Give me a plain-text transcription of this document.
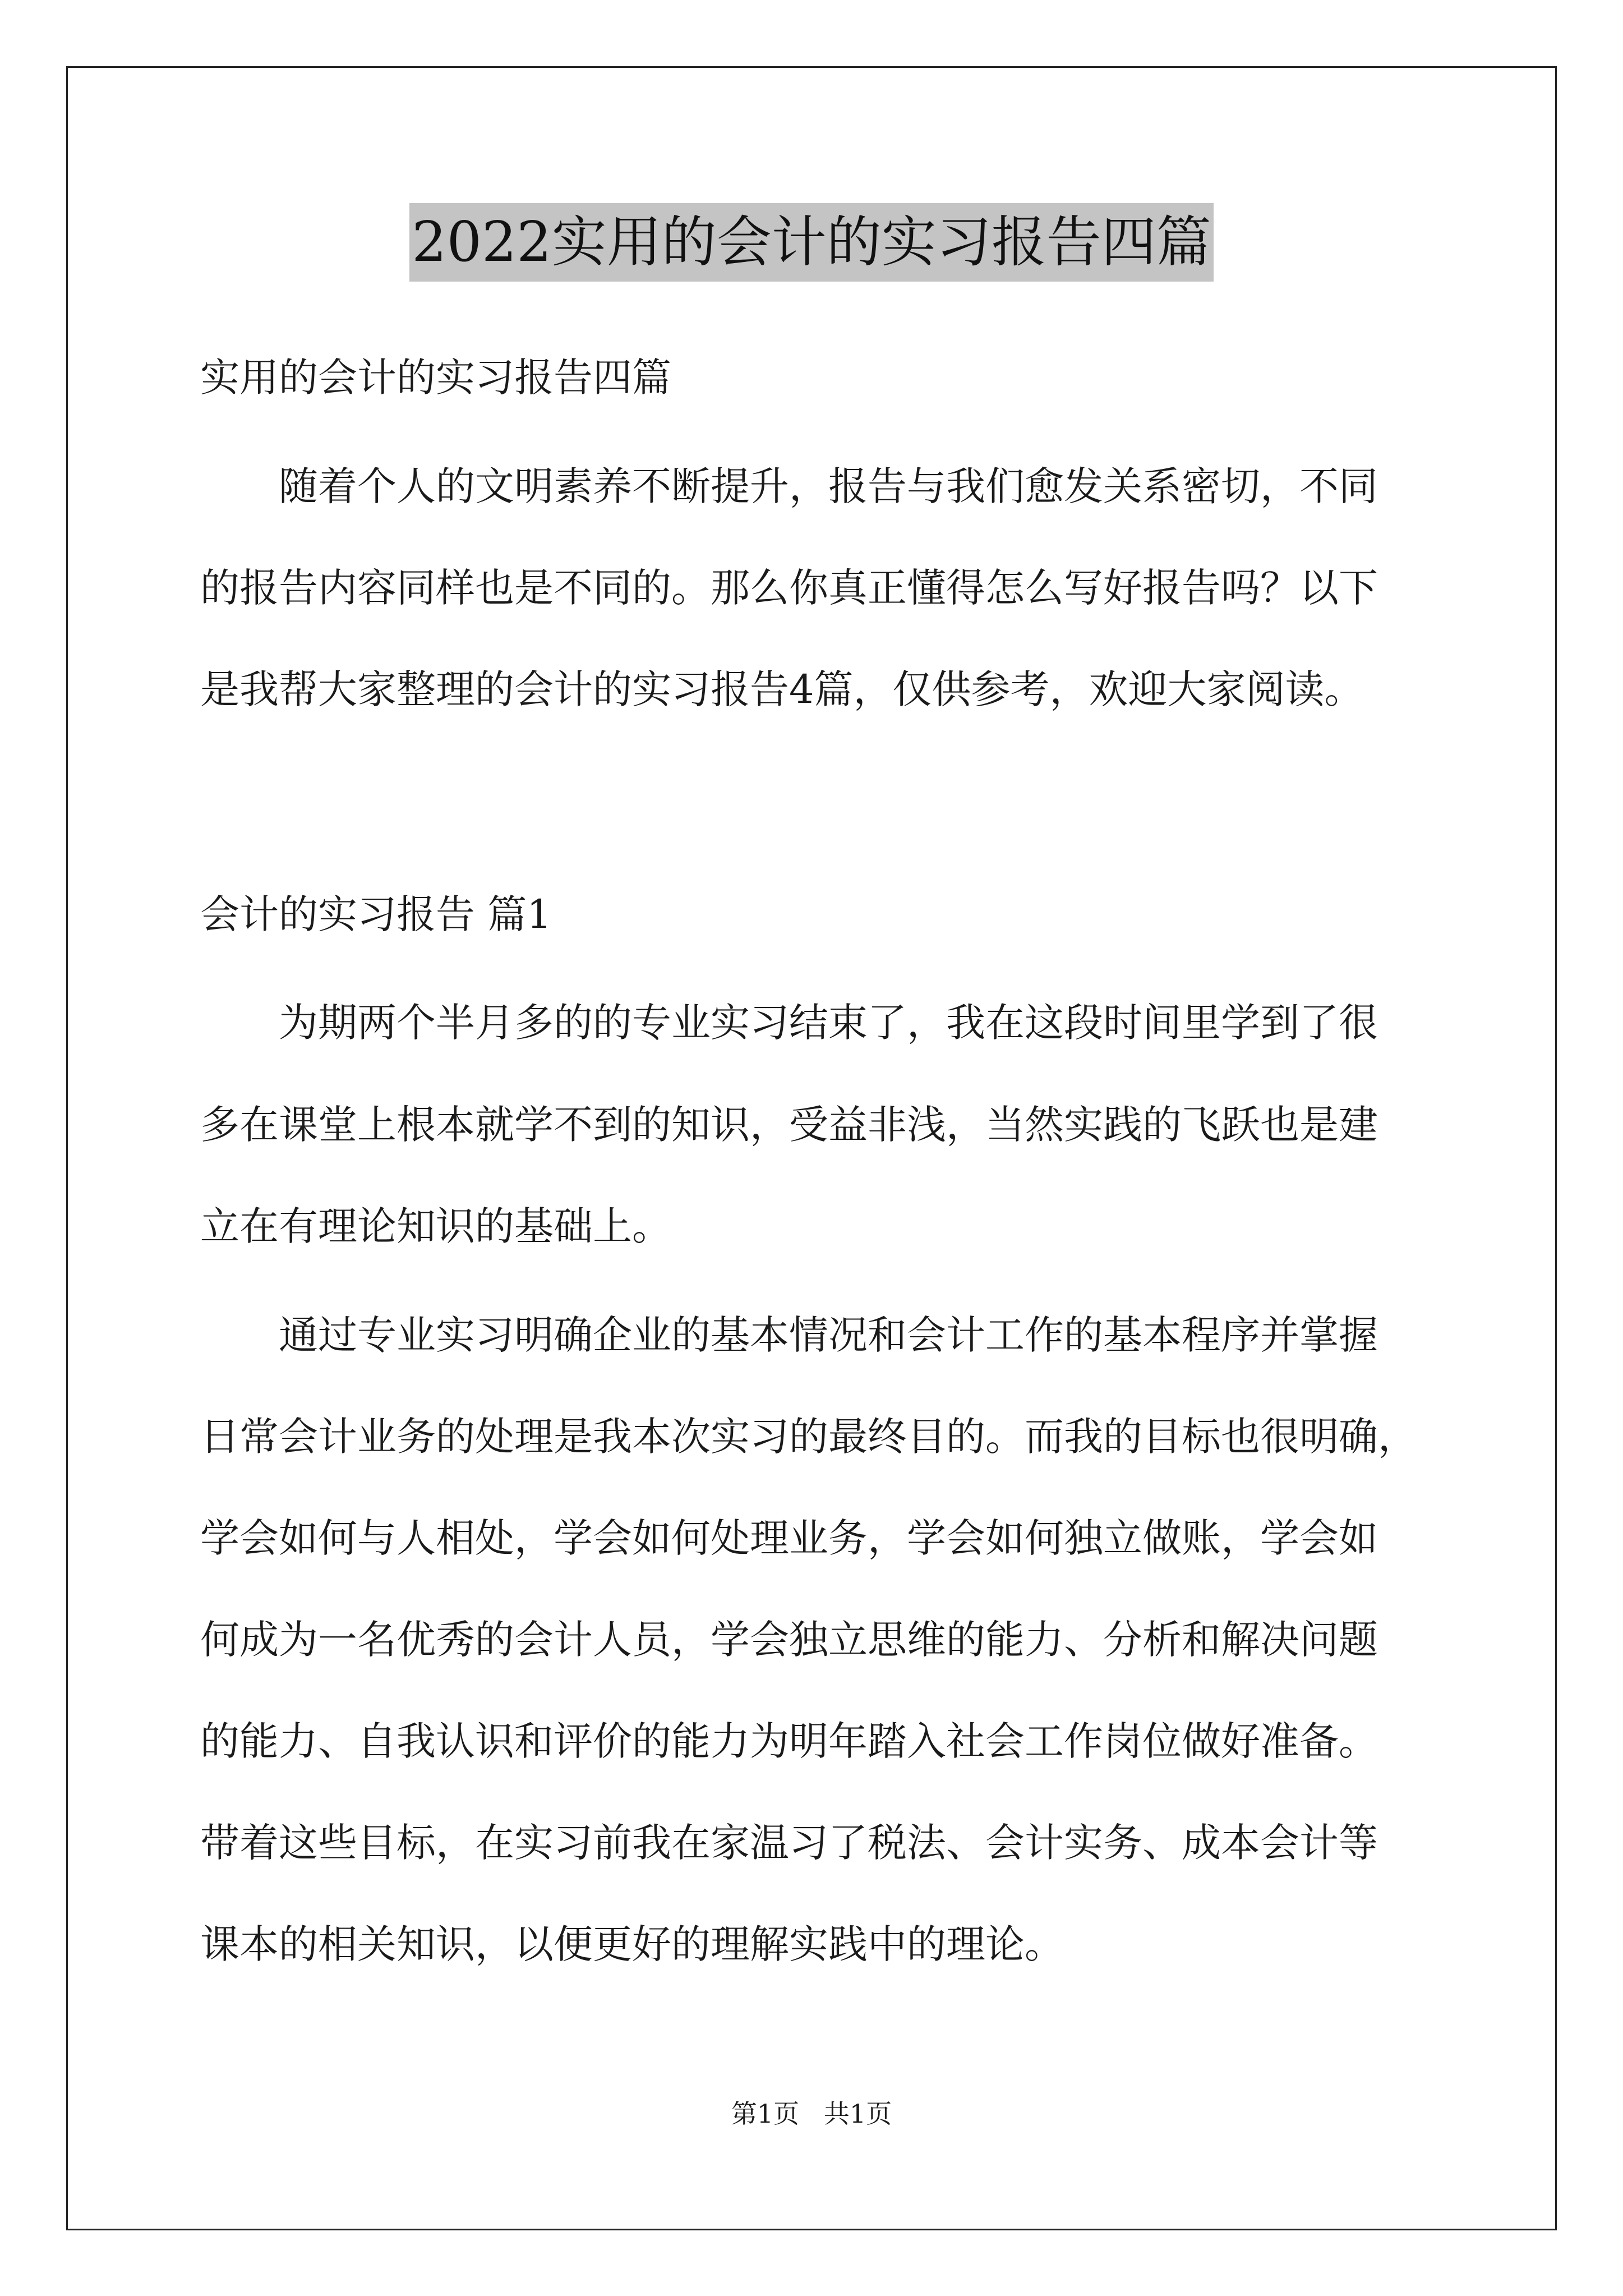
2022实用的会计的实习报告四篇
实用的会计的实习报告四篇
随着个人的文明素养不断提升，报告与我们愈发关系密切，不同
的报告内容同样也是不同的。那么你真正懂得怎么写好报告吗？以下
是我帮大家整理的会计的实习报告4篇，仅供参考，欢迎大家阅读。
会计的实习报告 篇1
为期两个半月多的的专业实习结束了，我在这段时间里学到了很
多在课堂上根本就学不到的知识，受益非浅，当然实践的飞跃也是建
立在有理论知识的基础上。
通过专业实习明确企业的基本情况和会计工作的基本程序并掌握
日常会计业务的处理是我本次实习的最终目的。而我的目标也很明确，
学会如何与人相处，学会如何处理业务，学会如何独立做账，学会如
何成为一名优秀的会计人员，学会独立思维的能力、分析和解决问题
的能力、自我认识和评价的能力为明年踏入社会工作岗位做好准备。
带着这些目标，在实习前我在家温习了税法、会计实务、成本会计等
课本的相关知识，以便更好的理解实践中的理论。
第1页   共1页
